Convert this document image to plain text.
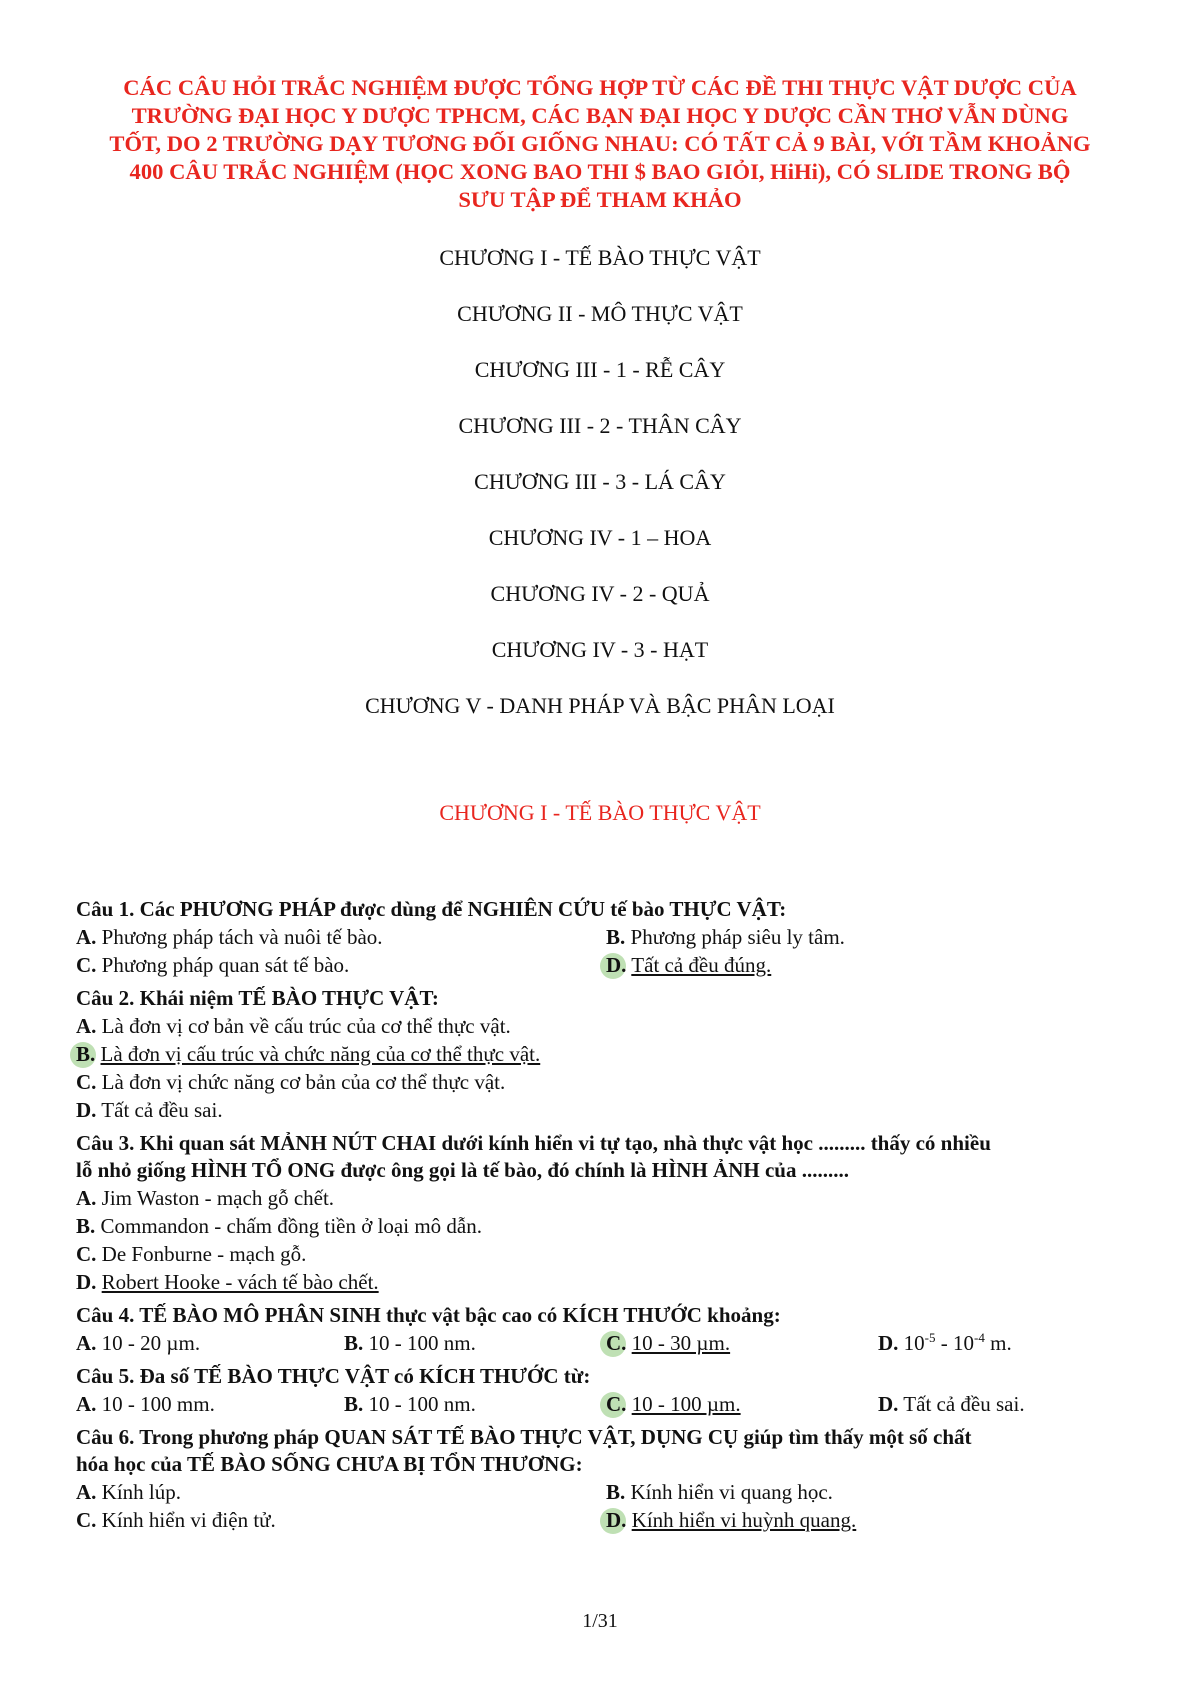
CÁC CÂU HỎI TRẮC NGHIỆM ĐƯỢC TỔNG HỢP TỪ CÁC ĐỀ THI THỰC VẬT DƯỢC CỦA
TRƯỜNG ĐẠI HỌC Y DƯỢC TPHCM, CÁC BẠN ĐẠI HỌC Y DƯỢC CẦN THƠ VẪN DÙNG
TỐT, DO 2 TRƯỜNG DẠY TƯƠNG ĐỐI GIỐNG NHAU: CÓ TẤT CẢ 9 BÀI, VỚI TẦM KHOẢNG
400 CÂU TRẮC NGHIỆM (HỌC XONG BAO THI $ BAO GIỎI, HiHi), CÓ SLIDE TRONG BỘ
SƯU TẬP ĐỂ THAM KHẢO
CHƯƠNG I - TẾ BÀO THỰC VẬT
CHƯƠNG II - MÔ THỰC VẬT
CHƯƠNG III - 1 - RỄ CÂY
CHƯƠNG III - 2 - THÂN CÂY
CHƯƠNG III - 3 - LÁ CÂY
CHƯƠNG IV - 1 – HOA
CHƯƠNG IV - 2 - QUẢ
CHƯƠNG IV - 3 - HẠT
CHƯƠNG V - DANH PHÁP VÀ BẬC PHÂN LOẠI
CHƯƠNG I - TẾ BÀO THỰC VẬT
Câu 1. Các PHƯƠNG PHÁP được dùng để NGHIÊN CỨU tế bào THỰC VẬT:
A. Phương pháp tách và nuôi tế bào.	B. Phương pháp siêu ly tâm.
C. Phương pháp quan sát tế bào.	D. Tất cả đều đúng.
Câu 2. Khái niệm TẾ BÀO THỰC VẬT:
A. Là đơn vị cơ bản về cấu trúc của cơ thể thực vật.
B. Là đơn vị cấu trúc và chức năng của cơ thể thực vật.
C. Là đơn vị chức năng cơ bản của cơ thể thực vật.
D. Tất cả đều sai.
Câu 3. Khi quan sát MẢNH NÚT CHAI dưới kính hiển vi tự tạo, nhà thực vật học ......... thấy có nhiều
lỗ nhỏ giống HÌNH TỔ ONG được ông gọi là tế bào, đó chính là HÌNH ẢNH của .........
A. Jim Waston - mạch gỗ chết.
B. Commandon - chấm đồng tiền ở loại mô dẫn.
C. De Fonburne - mạch gỗ.
D. Robert Hooke - vách tế bào chết.
Câu 4. TẾ BÀO MÔ PHÂN SINH thực vật bậc cao có KÍCH THƯỚC khoảng:
A. 10 - 20 µm.	B. 10 - 100 nm.	C. 10 - 30 µm.	D. $10^{-5} - 10^{-4}$ m.
Câu 5. Đa số TẾ BÀO THỰC VẬT có KÍCH THƯỚC từ:
A. 10 - 100 mm.	B. 10 - 100 nm.	C. 10 - 100 µm.	D. Tất cả đều sai.
Câu 6. Trong phương pháp QUAN SÁT TẾ BÀO THỰC VẬT, DỤNG CỤ giúp tìm thấy một số chất
hóa học của TẾ BÀO SỐNG CHƯA BỊ TỔN THƯƠNG:
A. Kính lúp.	B. Kính hiển vi quang học.
C. Kính hiển vi điện tử.	D. Kính hiển vi huỳnh quang.
1/31
